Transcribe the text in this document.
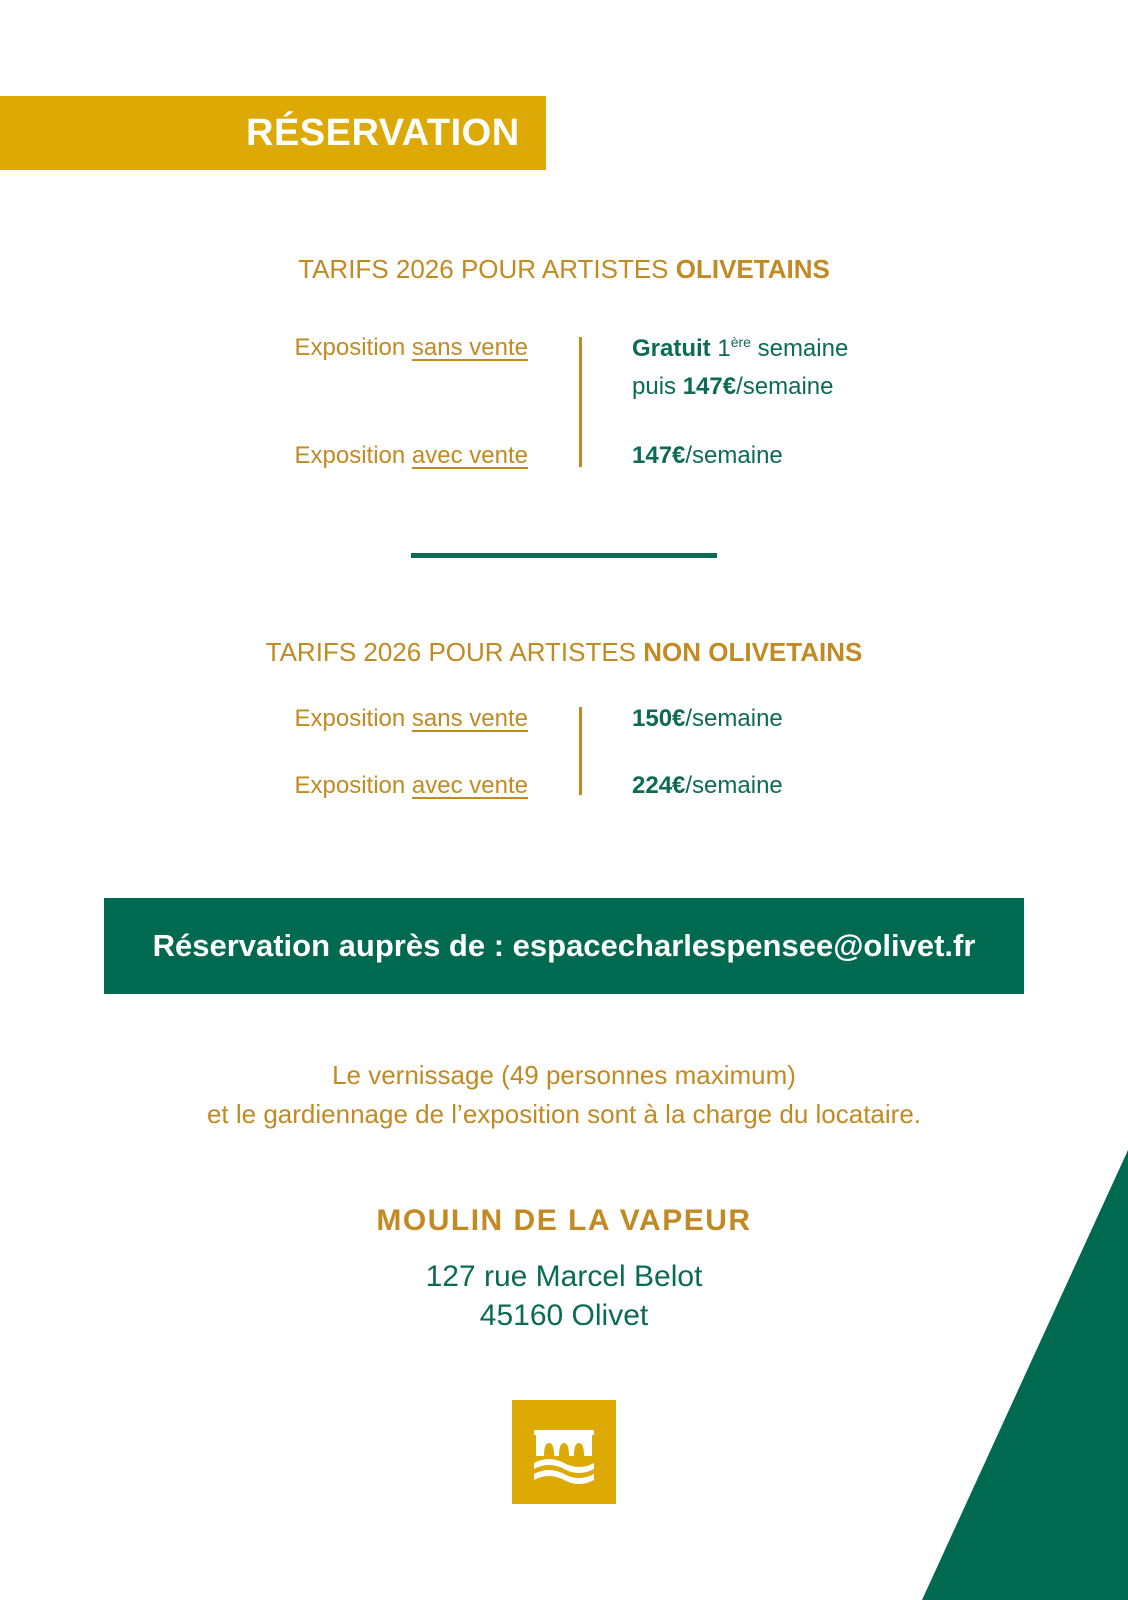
RÉSERVATION
TARIFS 2026 POUR ARTISTES OLIVETAINS
Exposition sans vente	Gratuit 1ère semaine
puis 147€/semaine
Exposition avec vente	147€/semaine
TARIFS 2026 POUR ARTISTES NON OLIVETAINS
Exposition sans vente	150€/semaine
Exposition avec vente	224€/semaine
Réservation auprès de : espacecharlespensee@olivet.fr
Le vernissage (49 personnes maximum)
et le gardiennage de l’exposition sont à la charge du locataire.
MOULIN DE LA VAPEUR
127 rue Marcel Belot
45160 Olivet
